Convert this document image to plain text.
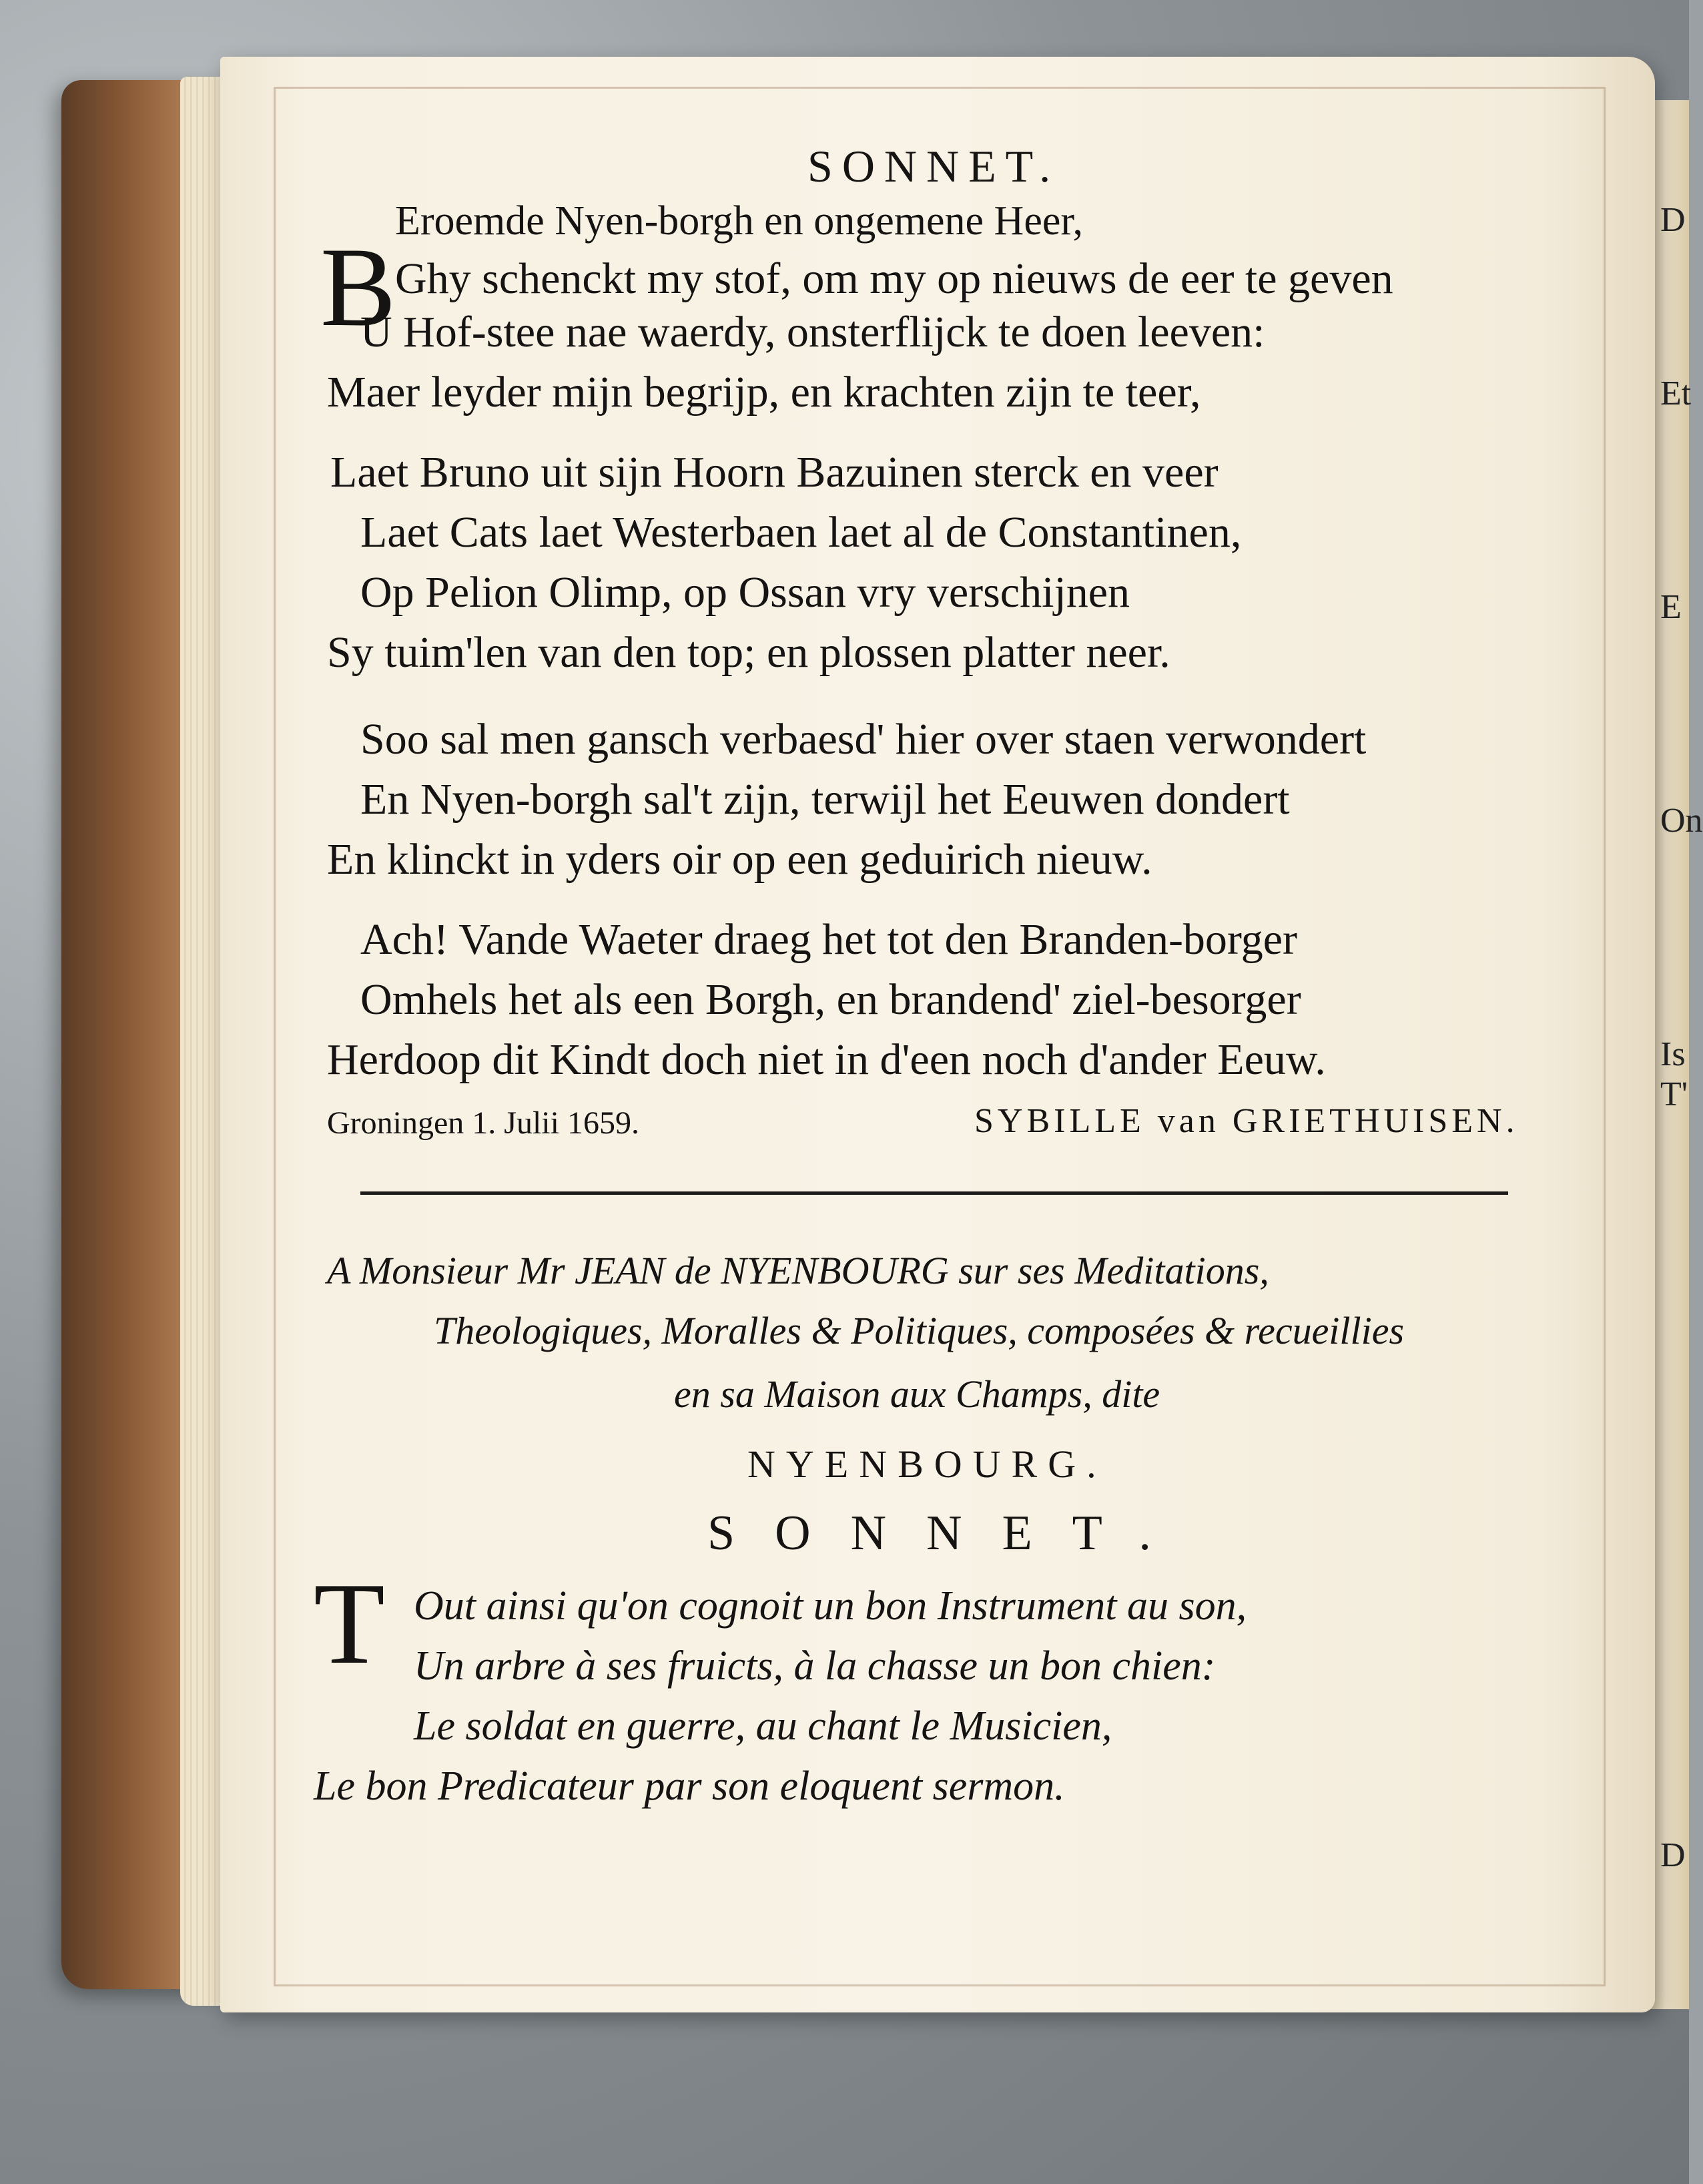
D
Et
E
On
Is
T'
D
SONNET.
B
Eroemde Nyen-borgh en ongemene Heer,
Ghy schenckt my stof, om my op nieuws de eer te geven
U Hof-stee nae waerdy, onsterflijck te doen leeven:
Maer leyder mijn begrijp, en krachten zijn te teer,
Laet Bruno uit sijn Hoorn Bazuinen sterck en veer
Laet Cats laet Westerbaen laet al de Constantinen,
Op Pelion Olimp, op Ossan vry verschijnen
Sy tuim'len van den top; en plossen platter neer.
Soo sal men gansch verbaesd' hier over staen verwondert
En Nyen-borgh sal't zijn, terwijl het Eeuwen dondert
En klinckt in yders oir op een geduirich nieuw.
Ach! Vande Waeter draeg het tot den Branden-borger
Omhels het als een Borgh, en brandend' ziel-besorger
Herdoop dit Kindt doch niet in d'een noch d'ander Eeuw.
Groningen 1. Julii 1659.	SYBILLE van GRIETHUISEN.
A Monsieur Mr JEAN de NYENBOURG sur ses Meditations,
Theologiques, Moralles & Politiques, composées & recueillies
en sa Maison aux Champs, dite
NYENBOURG.
SONNET.
T Out ainsi qu'on cognoit un bon Instrument au son,
Un arbre à ses fruicts, à la chasse un bon chien:
Le soldat en guerre, au chant le Musicien,
Le bon Predicateur par son eloquent sermon.
